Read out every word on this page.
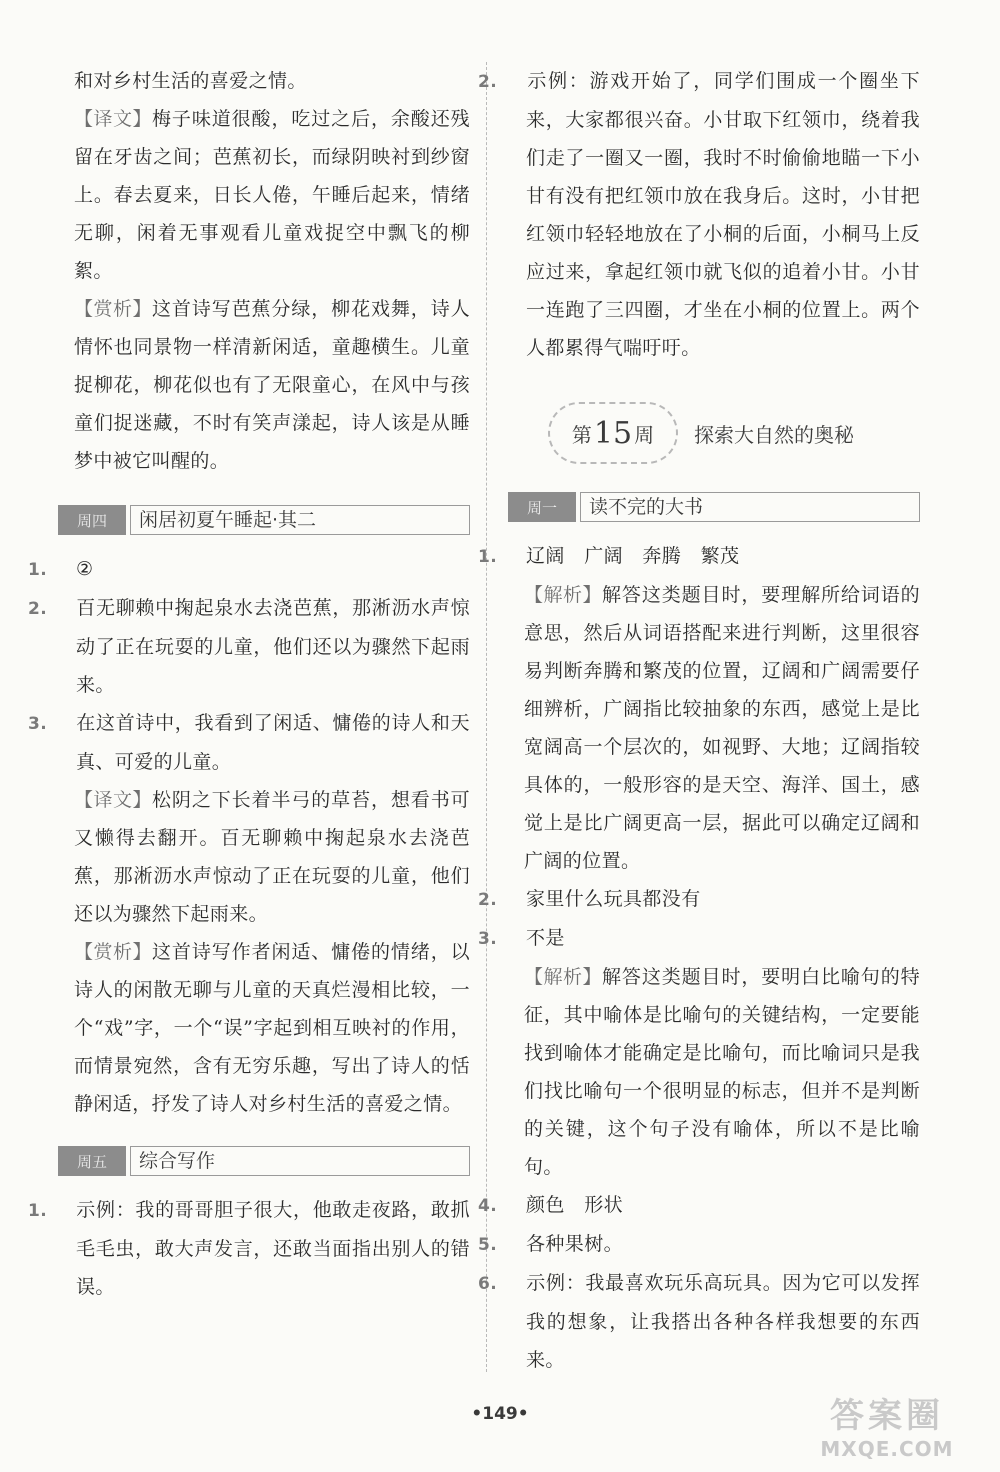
和对乡村生活的喜爱之情。
【译文】梅子味道很酸，吃过之后，余酸还残留在牙齿之间；芭蕉初长，而绿阴映衬到纱窗上。春去夏来，日长人倦，午睡后起来，情绪无聊，闲着无事观看儿童戏捉空中飘飞的柳絮。
【赏析】这首诗写芭蕉分绿，柳花戏舞，诗人情怀也同景物一样清新闲适，童趣横生。儿童捉柳花，柳花似也有了无限童心，在风中与孩童们捉迷藏，不时有笑声漾起，诗人该是从睡梦中被它叫醒的。
周四	闲居初夏午睡起·其二
1. ②
2. 百无聊赖中掬起泉水去浇芭蕉，那淅沥水声惊动了正在玩耍的儿童，他们还以为骤然下起雨来。
3. 在这首诗中，我看到了闲适、慵倦的诗人和天真、可爱的儿童。
【译文】松阴之下长着半弓的草苔，想看书可又懒得去翻开。百无聊赖中掬起泉水去浇芭蕉，那淅沥水声惊动了正在玩耍的儿童，他们还以为骤然下起雨来。
【赏析】这首诗写作者闲适、慵倦的情绪，以诗人的闲散无聊与儿童的天真烂漫相比较，一个“戏”字，一个“误”字起到相互映衬的作用，而情景宛然，含有无穷乐趣，写出了诗人的恬静闲适，抒发了诗人对乡村生活的喜爱之情。
周五	综合写作
1. 示例：我的哥哥胆子很大，他敢走夜路，敢抓毛毛虫，敢大声发言，还敢当面指出别人的错误。
2. 示例：游戏开始了，同学们围成一个圈坐下来，大家都很兴奋。小甘取下红领巾，绕着我们走了一圈又一圈，我时不时偷偷地瞄一下小甘有没有把红领巾放在我身后。这时，小甘把红领巾轻轻地放在了小桐的后面，小桐马上反应过来，拿起红领巾就飞似的追着小甘。小甘一连跑了三四圈，才坐在小桐的位置上。两个人都累得气喘吁吁。
第 15 周 探索大自然的奥秘
周一	读不完的大书
1. 辽阔　广阔　奔腾　繁茂
【解析】解答这类题目时，要理解所给词语的意思，然后从词语搭配来进行判断，这里很容易判断奔腾和繁茂的位置，辽阔和广阔需要仔细辨析，广阔指比较抽象的东西，感觉上是比宽阔高一个层次的，如视野、大地；辽阔指较具体的，一般形容的是天空、海洋、国土，感觉上是比广阔更高一层，据此可以确定辽阔和广阔的位置。
2. 家里什么玩具都没有
3. 不是
【解析】解答这类题目时，要明白比喻句的特征，其中喻体是比喻句的关键结构，一定要能找到喻体才能确定是比喻句，而比喻词只是我们找比喻句一个很明显的标志，但并不是判断的关键，这个句子没有喻体，所以不是比喻句。
4. 颜色　形状
5. 各种果树。
6. 示例：我最喜欢玩乐高玩具。因为它可以发挥我的想象，让我搭出各种各样我想要的东西来。
•149•	答案圈
MXQE.COM
